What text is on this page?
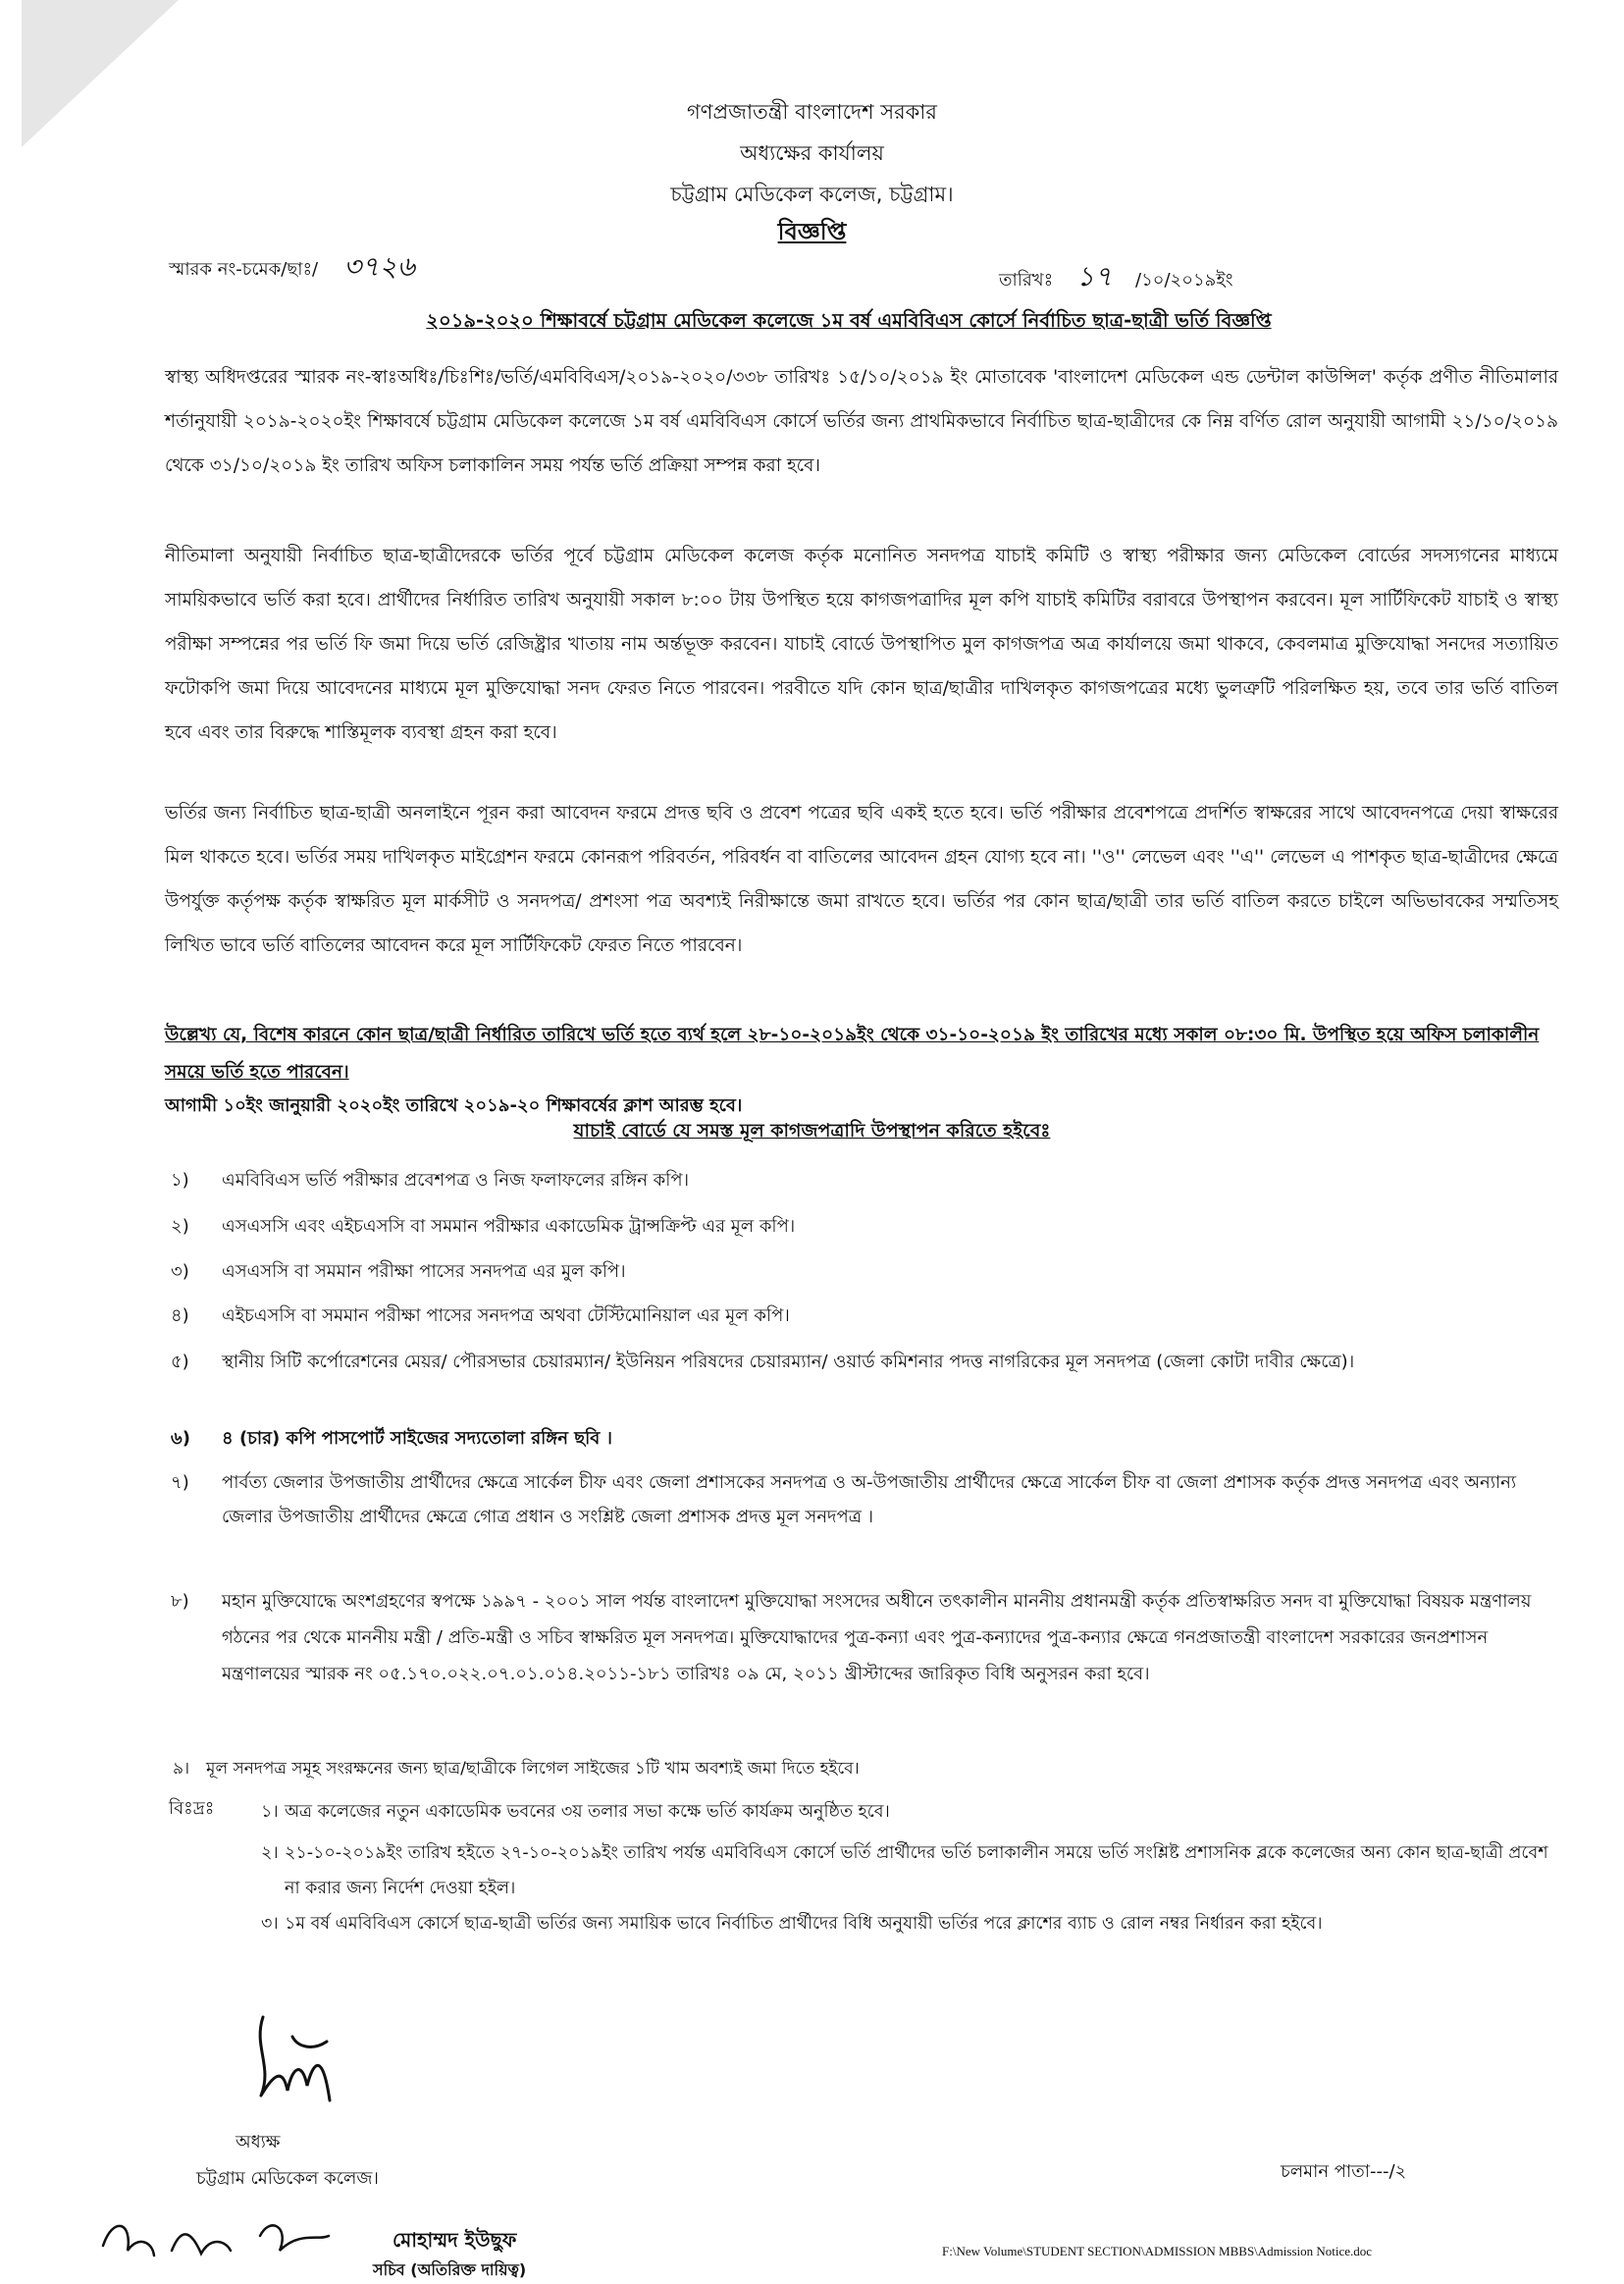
গণপ্রজাতন্ত্রী বাংলাদেশ সরকার
অধ্যক্ষের কার্যালয়
চট্টগ্রাম মেডিকেল কলেজ, চট্টগ্রাম।
বিজ্ঞপ্তি
স্মারক নং-চমেক/ছাঃ/ ৩৭২৬	তারিখঃ ১৭ /১০/২০১৯ইং
২০১৯-২০২০ শিক্ষাবর্ষে চট্টগ্রাম মেডিকেল কলেজে ১ম বর্ষ এমবিবিএস কোর্সে নির্বাচিত ছাত্র-ছাত্রী ভর্তি বিজ্ঞপ্তি

স্বাস্থ্য অধিদপ্তরের স্মারক নং-স্বাঃঅধিঃ/চিঃশিঃ/ভর্তি/এমবিবিএস/২০১৯-২০২০/৩৩৮ তারিখঃ ১৫/১০/২০১৯ ইং মোতাবেক 'বাংলাদেশ মেডিকেল এন্ড ডেন্টাল কাউন্সিল' কর্তৃক প্রণীত নীতিমালার শর্তানুযায়ী ২০১৯-২০২০ইং শিক্ষাবর্ষে চট্টগ্রাম মেডিকেল কলেজে ১ম বর্ষ এমবিবিএস কোর্সে ভর্তির জন্য প্রাথমিকভাবে নির্বাচিত ছাত্র-ছাত্রীদের কে নিম্ন বর্ণিত রোল অনুযায়ী আগামী ২১/১০/২০১৯ থেকে ৩১/১০/২০১৯ ইং তারিখ অফিস চলাকালিন সময় পর্যন্ত ভর্তি প্রক্রিয়া সম্পন্ন করা হবে।

নীতিমালা অনুযায়ী নির্বাচিত ছাত্র-ছাত্রীদেরকে ভর্তির পূর্বে চট্টগ্রাম মেডিকেল কলেজ কর্তৃক মনোনিত সনদপত্র যাচাই কমিটি ও স্বাস্থ্য পরীক্ষার জন্য মেডিকেল বোর্ডের সদস্যগনের মাধ্যমে সাময়িকভাবে ভর্তি করা হবে। প্রার্থীদের নির্ধারিত তারিখ অনুযায়ী সকাল ৮:০০ টায় উপস্থিত হয়ে কাগজপত্রাদির মূল কপি যাচাই কমিটির বরাবরে উপস্থাপন করবেন। মূল সার্টিফিকেট যাচাই ও স্বাস্থ্য পরীক্ষা সম্পন্নের পর ভর্তি ফি জমা দিয়ে ভর্তি রেজিষ্ট্রার খাতায় নাম অর্ন্তভূক্ত করবেন। যাচাই বোর্ডে উপস্থাপিত মুল কাগজপত্র অত্র কার্যালয়ে জমা থাকবে, কেবলমাত্র মুক্তিযোদ্ধা সনদের সত্যায়িত ফটোকপি জমা দিয়ে আবেদনের মাধ্যমে মূল মুক্তিযোদ্ধা সনদ ফেরত নিতে পারবেন। পরবীতে যদি কোন ছাত্র/ছাত্রীর দাখিলকৃত কাগজপত্রের মধ্যে ভুলত্রুটি পরিলক্ষিত হয়, তবে তার ভর্তি বাতিল হবে এবং তার বিরুদ্ধে শাস্তিমূলক ব্যবস্থা গ্রহন করা হবে।

ভর্তির জন্য নির্বাচিত ছাত্র-ছাত্রী অনলাইনে পূরন করা আবেদন ফরমে প্রদত্ত ছবি ও প্রবেশ পত্রের ছবি একই হতে হবে। ভর্তি পরীক্ষার প্রবেশপত্রে প্রদর্শিত স্বাক্ষরের সাথে আবেদনপত্রে দেয়া স্বাক্ষরের মিল থাকতে হবে। ভর্তির সময় দাখিলকৃত মাইগ্রেশন ফরমে কোনরূপ পরিবর্তন, পরিবর্ধন বা বাতিলের আবেদন গ্রহন যোগ্য হবে না। ''ও'' লেভেল এবং ''এ'' লেভেল এ পাশকৃত ছাত্র-ছাত্রীদের ক্ষেত্রে উপর্যুক্ত কর্তৃপক্ষ কর্তৃক স্বাক্ষরিত মূল মার্কসীট ও সনদপত্র/ প্রশংসা পত্র অবশ্যই নিরীক্ষান্তে জমা রাখতে হবে। ভর্তির পর কোন ছাত্র/ছাত্রী তার ভর্তি বাতিল করতে চাইলে অভিভাবকের সম্মতিসহ লিখিত ভাবে ভর্তি বাতিলের আবেদন করে মূল সার্টিফিকেট ফেরত নিতে পারবেন।

উল্লেখ্য যে, বিশেষ কারনে কোন ছাত্র/ছাত্রী নির্ধারিত তারিখে ভর্তি হতে ব্যর্থ হলে ২৮-১০-২০১৯ইং থেকে ৩১-১০-২০১৯ ইং তারিখের মধ্যে সকাল ০৮:৩০ মি. উপস্থিত হয়ে অফিস চলাকালীন সময়ে ভর্তি হতে পারবেন।

আগামী ১০ইং জানুয়ারী ২০২০ইং তারিখে ২০১৯-২০ শিক্ষাবর্ষের ক্লাশ আরম্ভ হবে।

যাচাই বোর্ডে যে সমস্ত মূল কাগজপত্রাদি উপস্থাপন করিতে হইবেঃ
১) এমবিবিএস ভর্তি পরীক্ষার প্রবেশপত্র ও নিজ ফলাফলের রঙ্গিন কপি।
২) এসএসসি এবং এইচএসসি বা সমমান পরীক্ষার একাডেমিক ট্রান্সক্রিপ্ট এর মূল কপি।
৩) এসএসসি বা সমমান পরীক্ষা পাসের সনদপত্র এর মুল কপি।
৪) এইচএসসি বা সমমান পরীক্ষা পাসের সনদপত্র অথবা টেস্টিমোনিয়াল এর মূল কপি।
৫) স্থানীয় সিটি কর্পোরেশনের মেয়র/ পৌরসভার চেয়ারম্যান/ ইউনিয়ন পরিষদের চেয়ারম্যান/ ওয়ার্ড কমিশনার পদত্ত নাগরিকের মূল সনদপত্র (জেলা কোটা দাবীর ক্ষেত্রে)।
৬) ৪ (চার) কপি পাসপোর্ট সাইজের সদ্যতোলা রঙ্গিন ছবি ।
৭) পার্বত্য জেলার উপজাতীয় প্রার্থীদের ক্ষেত্রে সার্কেল চীফ এবং জেলা প্রশাসকের সনদপত্র ও অ-উপজাতীয় প্রার্থীদের ক্ষেত্রে সার্কেল চীফ বা জেলা প্রশাসক কর্তৃক প্রদত্ত সনদপত্র এবং অন্যান্য জেলার উপজাতীয় প্রার্থীদের ক্ষেত্রে গোত্র প্রধান ও সংশ্লিষ্ট জেলা প্রশাসক প্রদত্ত মূল সনদপত্র ।
৮) মহান মুক্তিযোদ্ধে অংশগ্রহণের স্বপক্ষে ১৯৯৭ - ২০০১ সাল পর্যন্ত বাংলাদেশ মুক্তিযোদ্ধা সংসদের অধীনে তৎকালীন মাননীয় প্রধানমন্ত্রী কর্তৃক প্রতিস্বাক্ষরিত সনদ বা মুক্তিযোদ্ধা বিষয়ক মন্ত্রণালয় গঠনের পর থেকে মাননীয় মন্ত্রী / প্রতি-মন্ত্রী ও সচিব স্বাক্ষরিত মূল সনদপত্র। মুক্তিযোদ্ধাদের পুত্র-কন্যা এবং পুত্র-কন্যাদের পুত্র-কন্যার ক্ষেত্রে গনপ্রজাতন্ত্রী বাংলাদেশ সরকারের জনপ্রশাসন মন্ত্রণালয়ের স্মারক নং ০৫.১৭০.০২২.০৭.০১.০১৪.২০১১-১৮১ তারিখঃ ০৯ মে, ২০১১ খ্রীস্টাব্দের জারিকৃত বিধি অনুসরন করা হবে।
৯। মূল সনদপত্র সমূহ সংরক্ষনের জন্য ছাত্র/ছাত্রীকে লিগেল সাইজের ১টি খাম অবশ্যই জমা দিতে হইবে।
বিঃদ্রঃ	১। অত্র কলেজের নতুন একাডেমিক ভবনের ৩য় তলার সভা কক্ষে ভর্তি কার্যক্রম অনুষ্ঠিত হবে।
২। ২১-১০-২০১৯ইং তারিখ হইতে ২৭-১০-২০১৯ইং তারিখ পর্যন্ত এমবিবিএস কোর্সে ভর্তি প্রার্থীদের ভর্তি চলাকালীন সময়ে ভর্তি সংশ্লিষ্ট প্রশাসনিক ব্লকে কলেজের অন্য কোন ছাত্র-ছাত্রী প্রবেশ না করার জন্য নির্দেশ দেওয়া হইল।
৩। ১ম বর্ষ এমবিবিএস কোর্সে ছাত্র-ছাত্রী ভর্তির জন্য সমায়িক ভাবে নির্বাচিত প্রার্থীদের বিধি অনুযায়ী ভর্তির পরে ক্লাশের ব্যাচ ও রোল নম্বর নির্ধারন করা হইবে।
অধ্যক্ষ
চট্টগ্রাম মেডিকেল কলেজ।	চলমান পাতা---/২
মোহাম্মদ ইউছুফ
সচিব (অতিরিক্ত দায়িত্ব)
F:\New Volume\STUDENT SECTION\ADMISSION MBBS\Admission Notice.doc
